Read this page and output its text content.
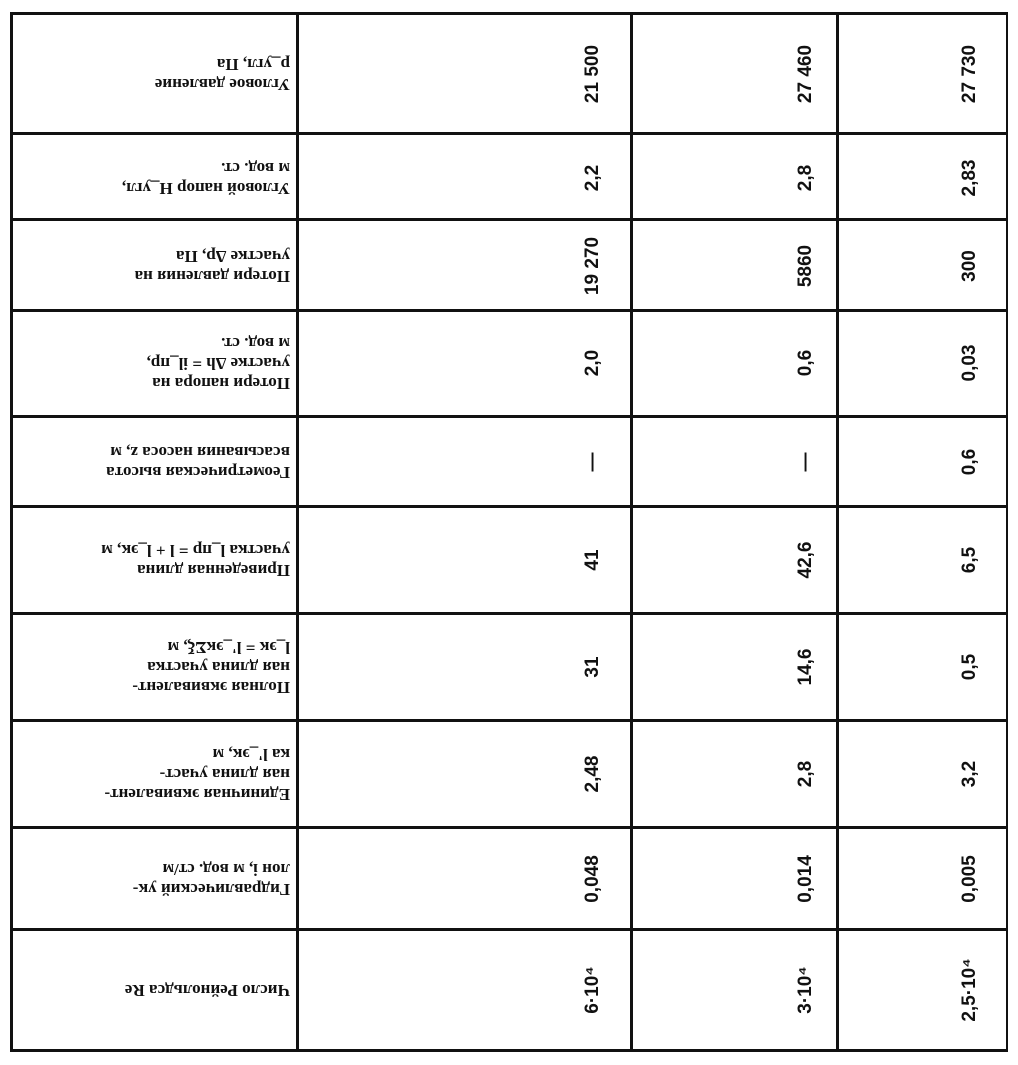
Угловое давление
p_угл, Па	21 500	27 460	27 730
Угловой напор H_угл,
м вод. ст.	2,2	2,8	2,83
Потери давления на
участке Δp, Па	19 270	5860	300
Потери напора на
участке Δh = il_пр,
м вод. ст.
2,0	0,6	0,03
Геометрическая высота
всасывания насоса z, м	—	—	0,6
Приведенная длина
участка l_пр = l + l_эк, м	41	42,6	6,5
Полная эквивалент-
ная длина участка
l_эк = l'_экΣξ, м
31	14,6	0,5
Единичная эквивалент-
ная длина участ-
ка l'_эк, м
2,48	2,8	3,2
Гидравлический ук-
лон i, м вод. ст/м	0,048	0,014	0,005
Число Рейнольдса Re	6·10⁴	3·10⁴	2,5·10⁴
